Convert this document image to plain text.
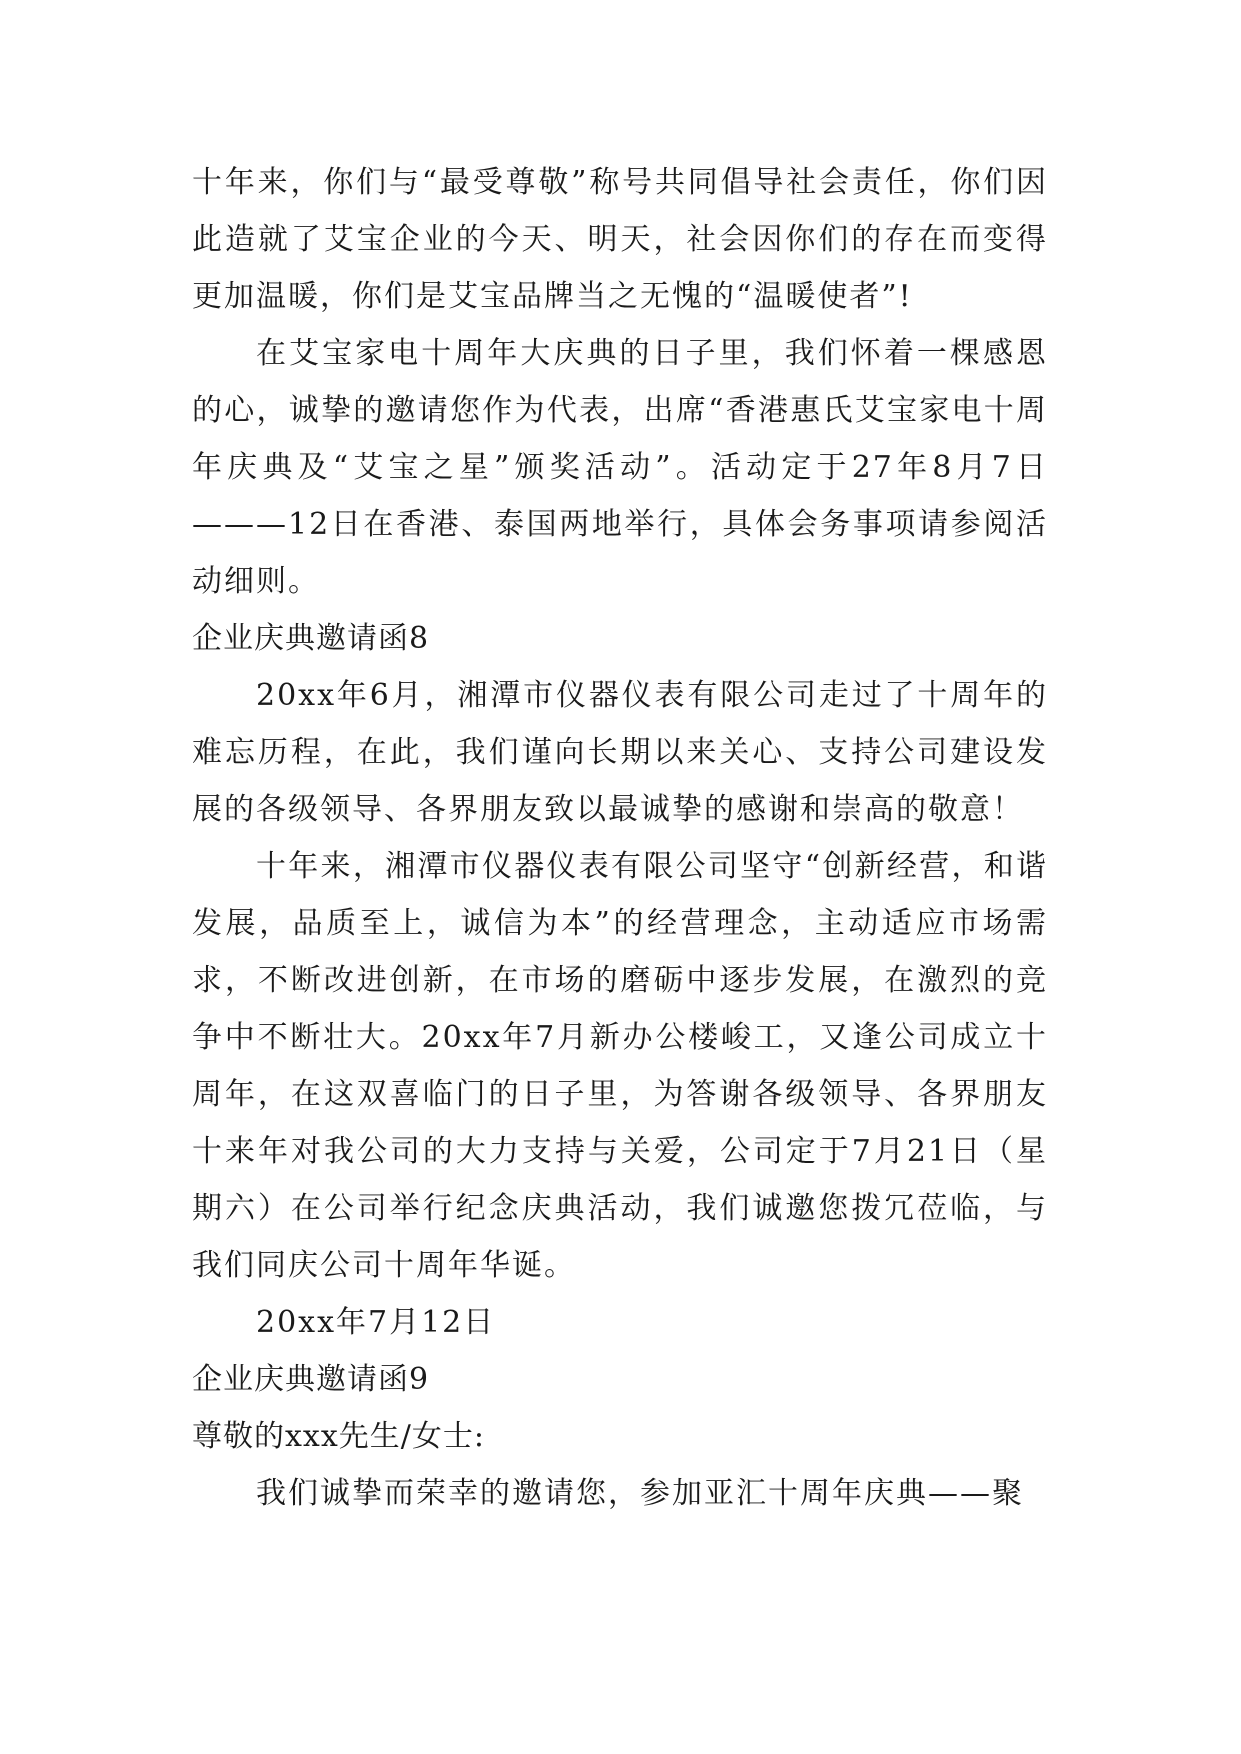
十年来，你们与“最受尊敬”称号共同倡导社会责任，你们因此造就了艾宝企业的今天、明天，社会因你们的存在而变得更加温暖，你们是艾宝品牌当之无愧的“温暖使者”!

在艾宝家电十周年大庆典的日子里，我们怀着一棵感恩的心，诚挚的邀请您作为代表，出席“香港惠氏艾宝家电十周年庆典及“艾宝之星”颁奖活动”。活动定于27年8月7日———12日在香港、泰国两地举行，具体会务事项请参阅活动细则。

企业庆典邀请函8

20xx年6月，湘潭市仪器仪表有限公司走过了十周年的难忘历程，在此，我们谨向长期以来关心、支持公司建设发展的各级领导、各界朋友致以最诚挚的感谢和崇高的敬意！

十年来，湘潭市仪器仪表有限公司坚守“创新经营，和谐发展，品质至上，诚信为本”的经营理念，主动适应市场需求，不断改进创新，在市场的磨砺中逐步发展，在激烈的竞争中不断壮大。20xx年7月新办公楼峻工，又逢公司成立十周年，在这双喜临门的日子里，为答谢各级领导、各界朋友十来年对我公司的大力支持与关爱，公司定于7月21日（星期六）在公司举行纪念庆典活动，我们诚邀您拨冗莅临，与我们同庆公司十周年华诞。

20xx年7月12日

企业庆典邀请函9

尊敬的xxx先生/女士:

我们诚挚而荣幸的邀请您，参加亚汇十周年庆典——聚
